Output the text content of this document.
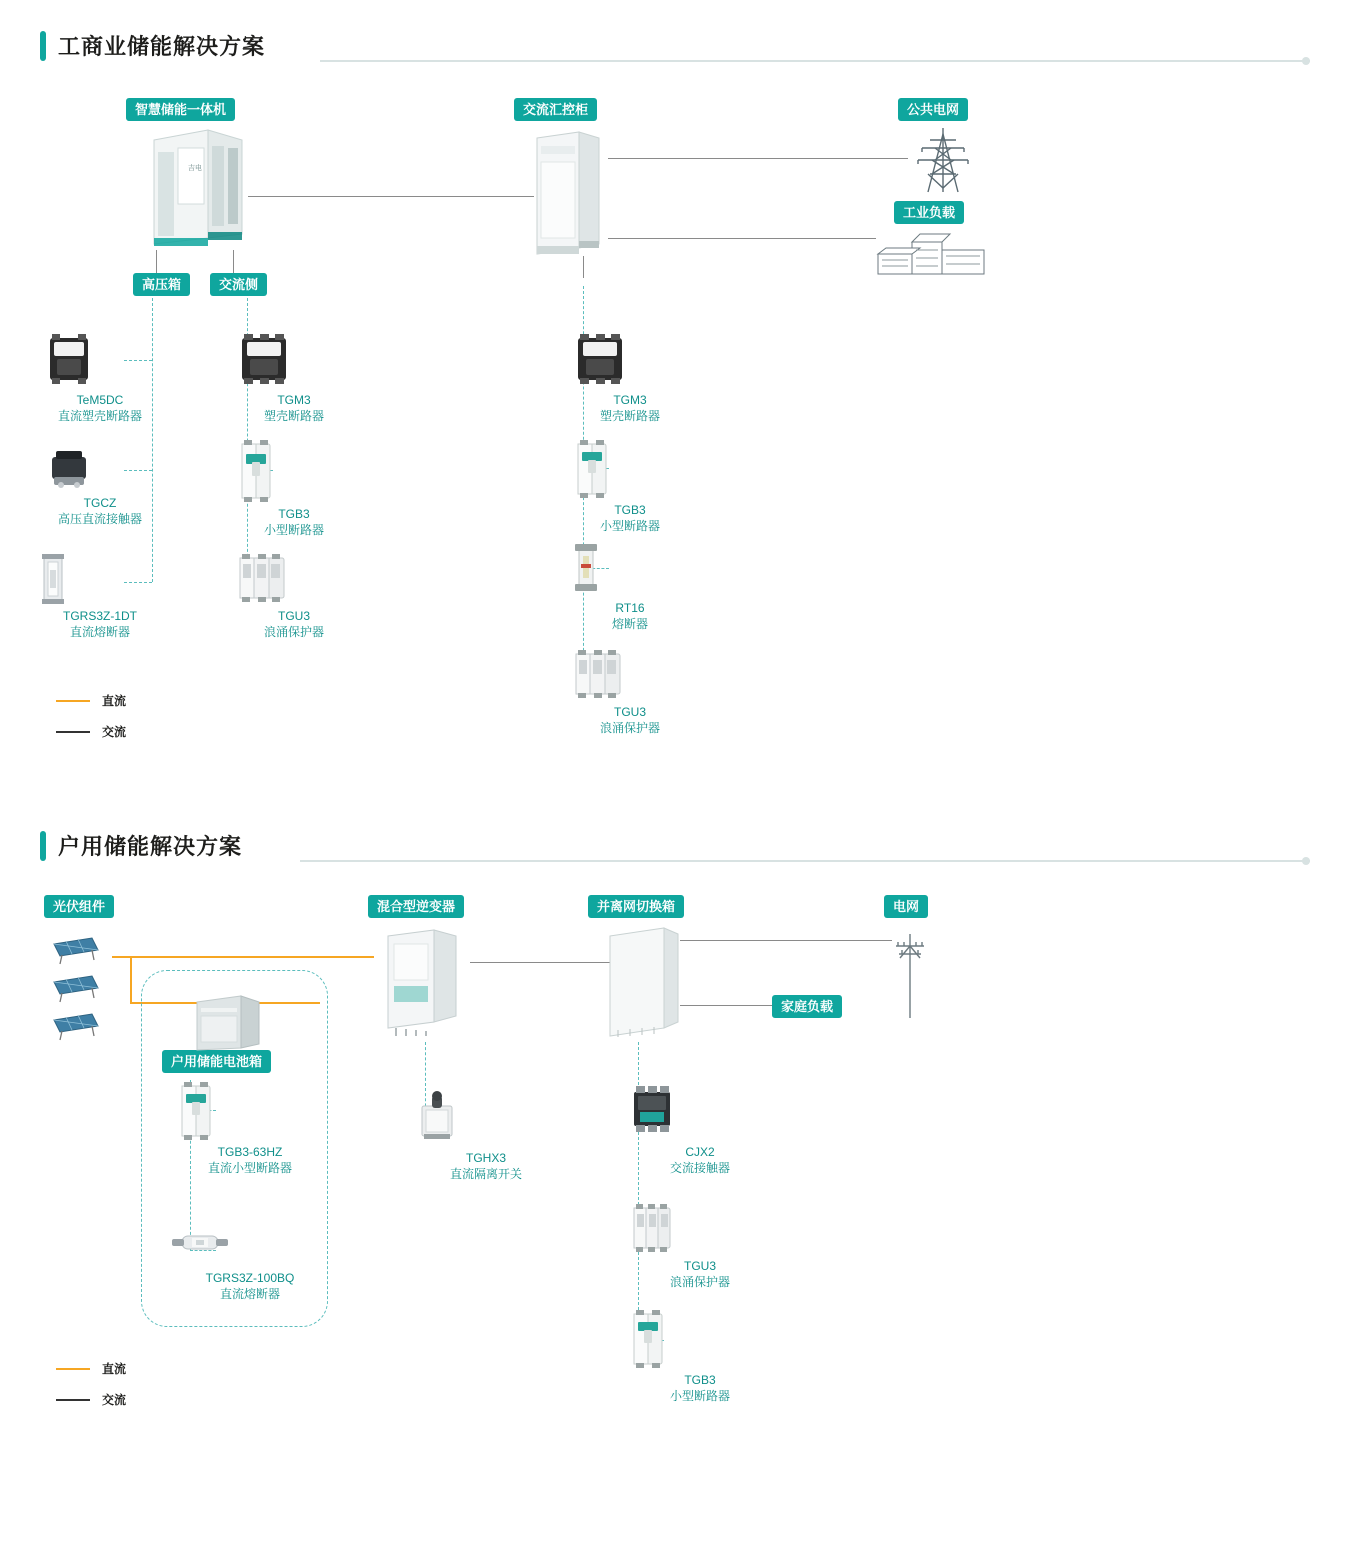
工商业储能解决方案
智慧储能一体机	交流汇控柜	公共电网
工业负载
吉电
高压箱	交流侧
TeM5DC
直流塑壳断路器
TGCZ
高压直流接触器
TGRS3Z-1DT
直流熔断器
TGM3
塑壳断路器
TGB3
小型断路器
TGU3
浪涌保护器
TGM3
塑壳断路器
TGB3
小型断路器
RT16
熔断器
TGU3
浪涌保护器
直流
交流
户用储能解决方案
光伏组件	混合型逆变器	并离网切换箱	电网
家庭负载
户用储能电池箱
TGB3-63HZ
直流小型断路器
TGRS3Z-100BQ
直流熔断器
TGHX3
直流隔离开关
CJX2
交流接触器
TGU3
浪涌保护器
TGB3
小型断路器
直流
交流
